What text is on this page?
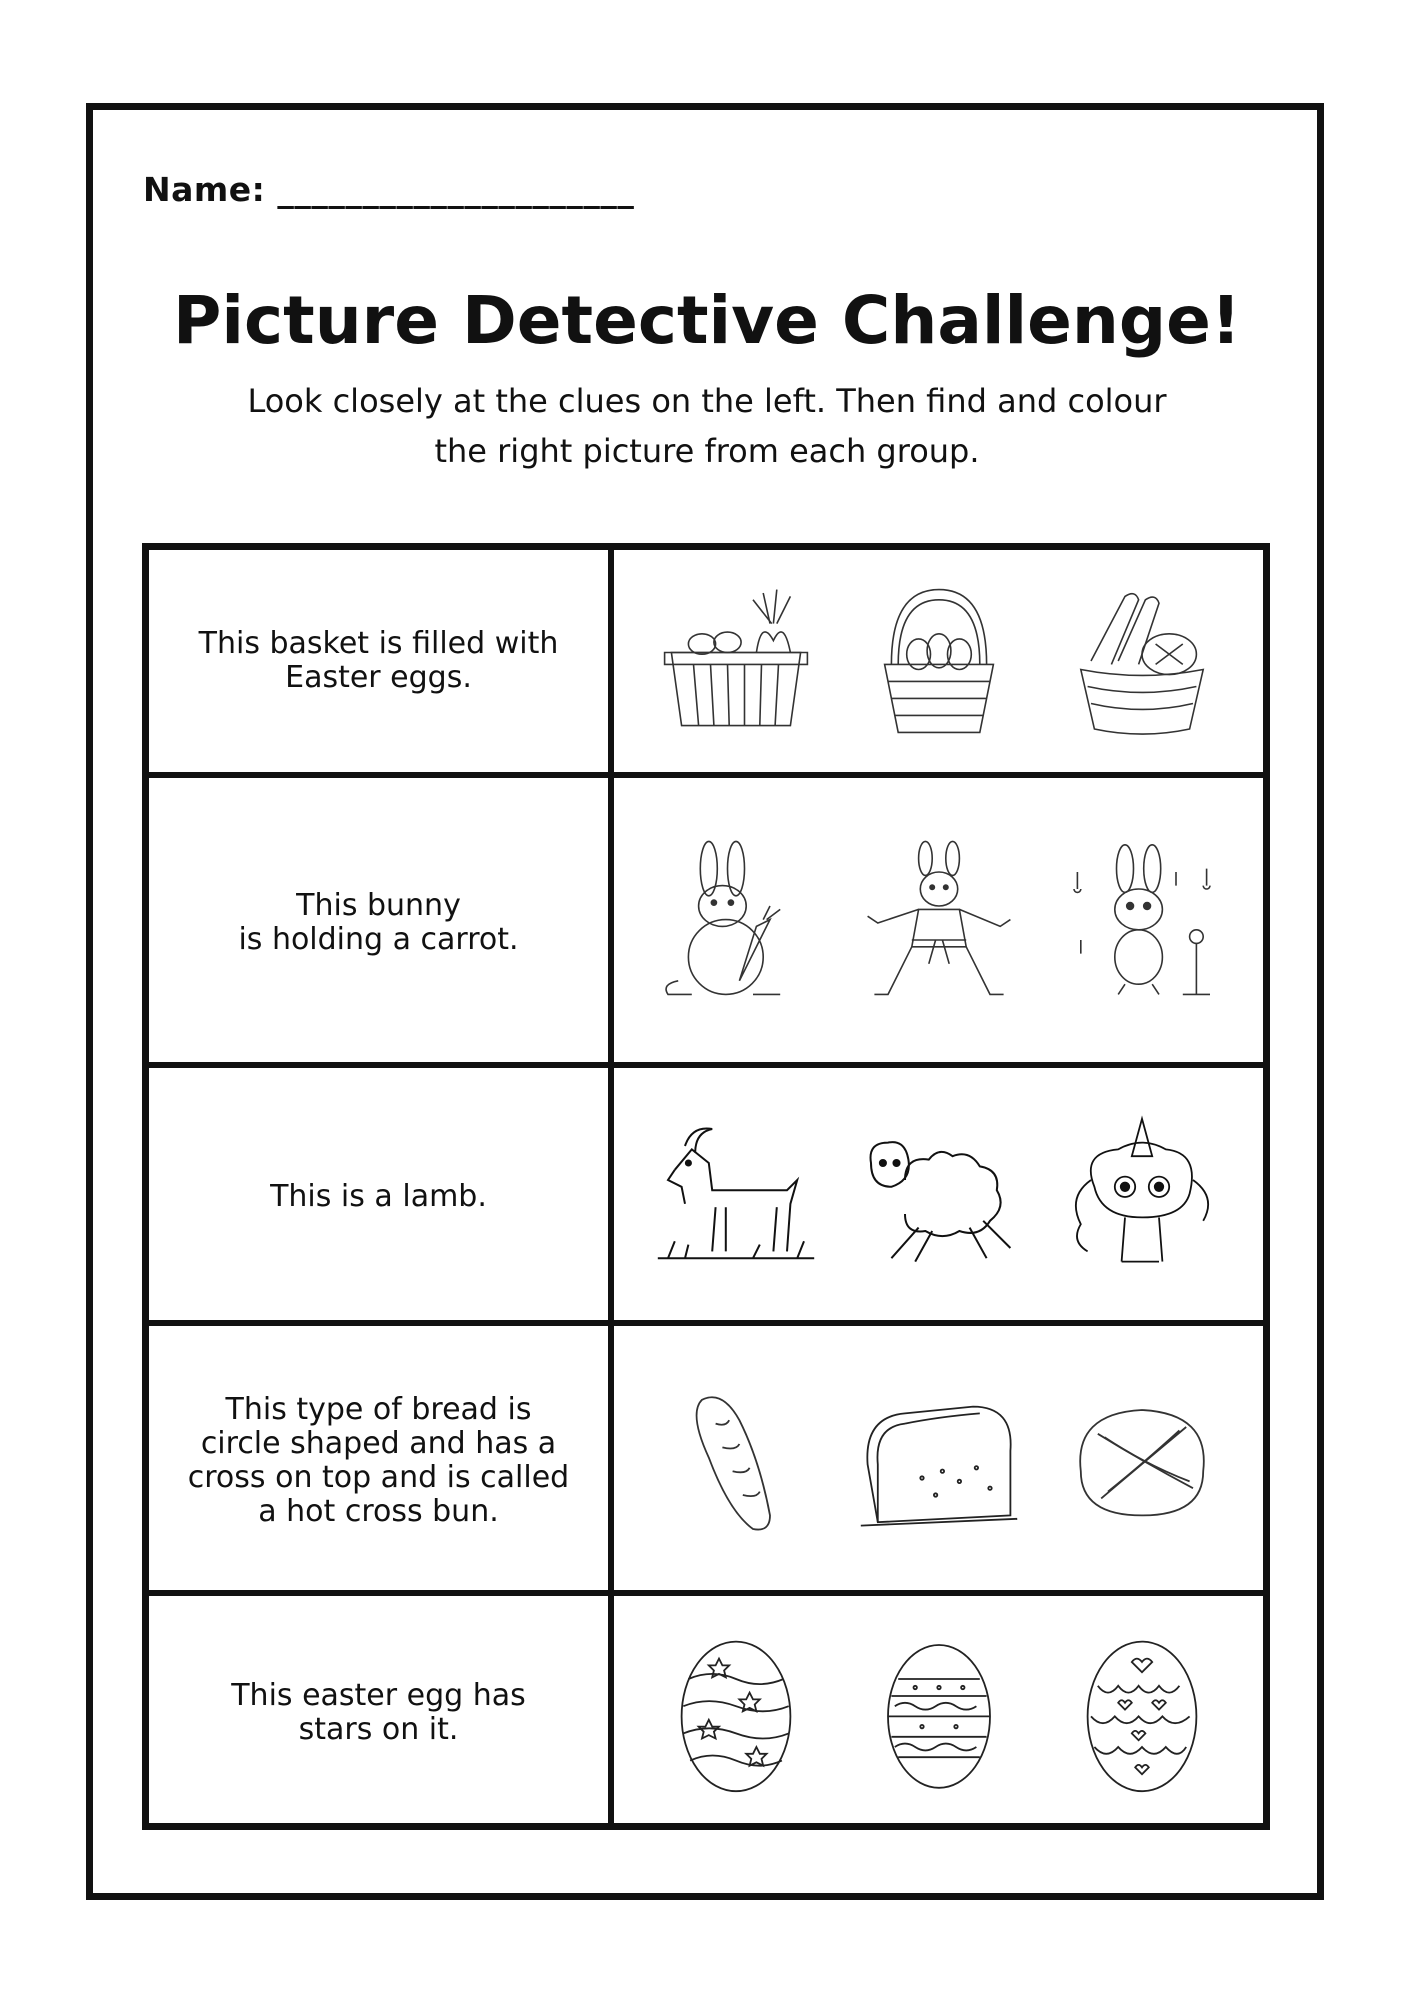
Name: _____________________
Picture Detective Challenge!
Look closely at the clues on the left. Then find and colour
the right picture from each group.
This basket is filled with
Easter eggs.
This bunny
is holding a carrot.
This is a lamb.
This type of bread is
circle shaped and has a
cross on top and is called
a hot cross bun.
This easter egg has
stars on it.
